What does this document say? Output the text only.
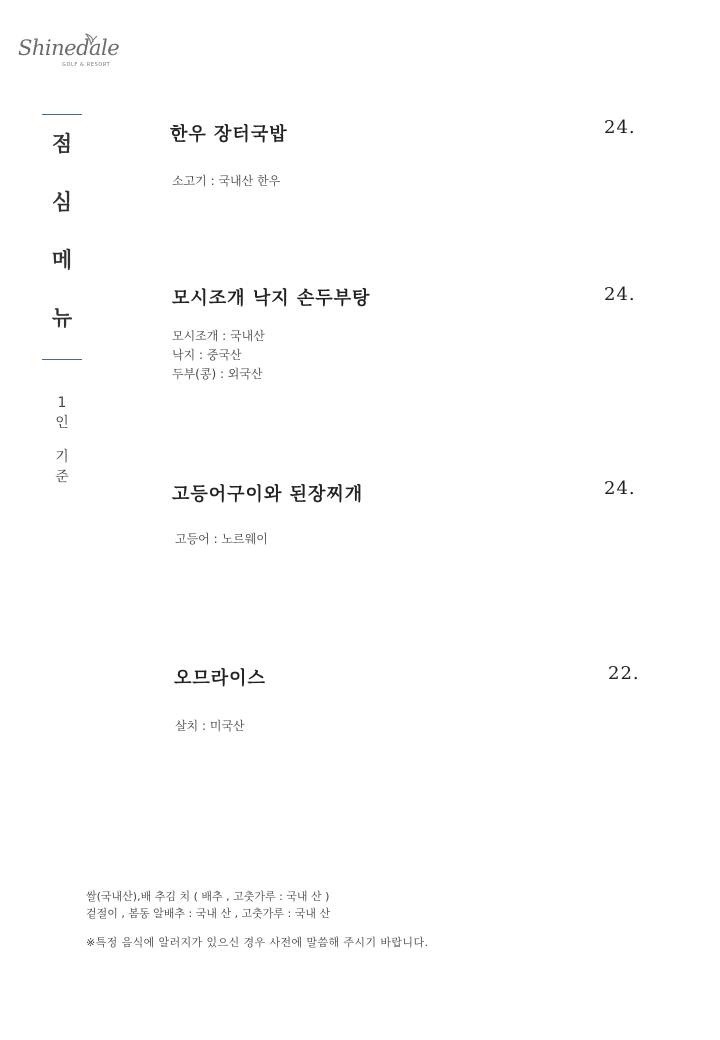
Shinedale
GOLF & RESORT
점
심
메
뉴
1
인
기
준
한우 장터국밥	24.
소고기 : 국내산 한우
모시조개 낙지 손두부탕	24.
모시조개 : 국내산
낙지 : 중국산
두부(콩) : 외국산
고등어구이와 된장찌개	24.
고등어 : 노르웨이
오므라이스	22.
살치 : 미국산
쌀(국내산),배 추김 치 ( 배추 , 고춧가루 : 국내 산 )
겉절이 , 봄동 알배추 : 국내 산 , 고춧가루 : 국내 산
※특정 음식에 알러지가 있으신 경우 사전에 말씀해 주시기 바랍니다.
